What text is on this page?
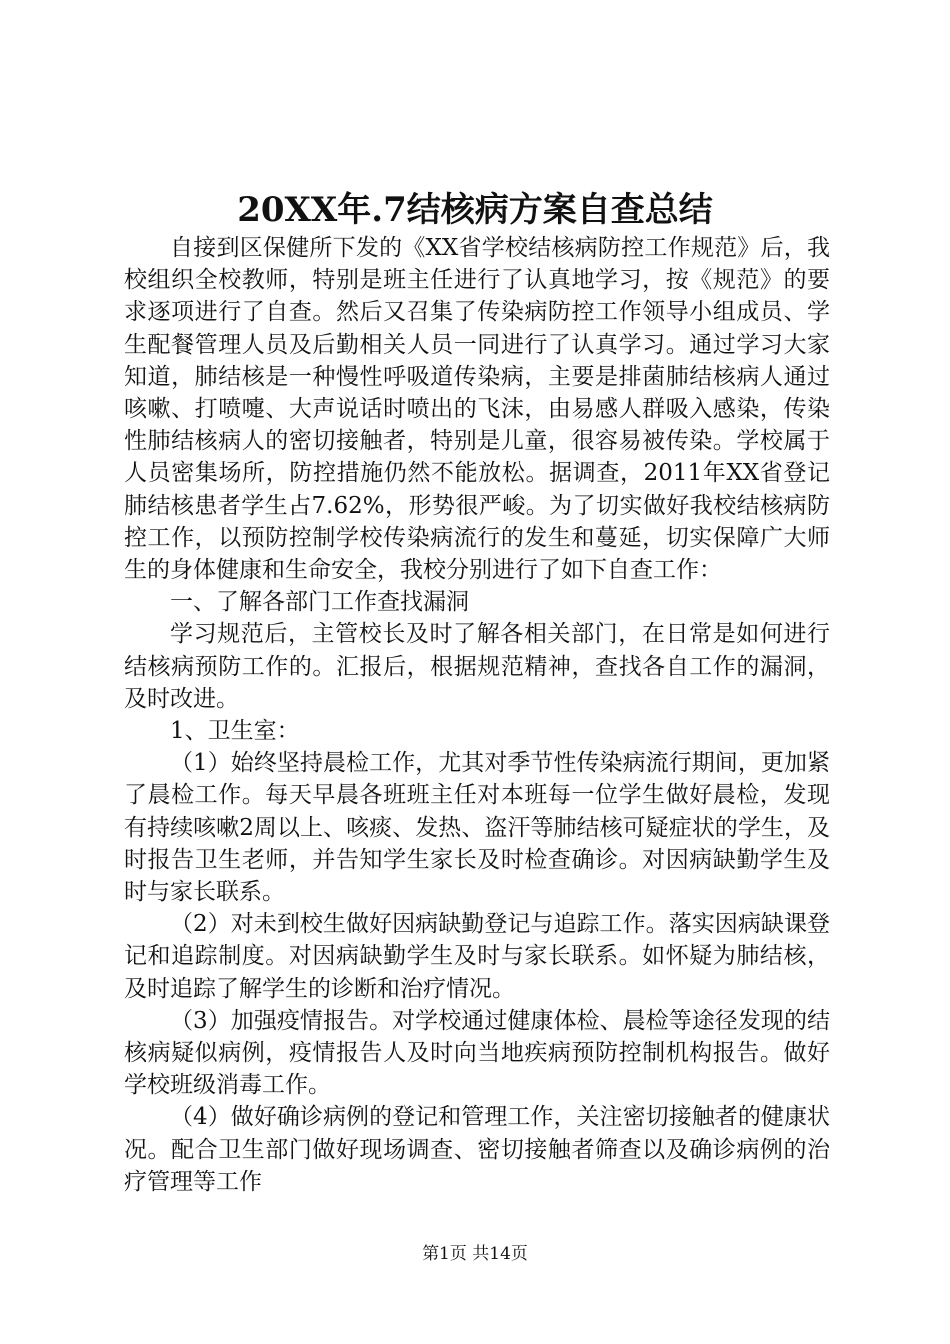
20XX年.7结核病方案自查总结

自接到区保健所下发的《XX省学校结核病防控工作规范》后，我校组织全校教师，特别是班主任进行了认真地学习，按《规范》的要求逐项进行了自查。然后又召集了传染病防控工作领导小组成员、学生配餐管理人员及后勤相关人员一同进行了认真学习。通过学习大家知道，肺结核是一种慢性呼吸道传染病，主要是排菌肺结核病人通过咳嗽、打喷嚏、大声说话时喷出的飞沫，由易感人群吸入感染，传染性肺结核病人的密切接触者，特别是儿童，很容易被传染。学校属于人员密集场所，防控措施仍然不能放松。据调查，2011年XX省登记肺结核患者学生占7.62%，形势很严峻。为了切实做好我校结核病防控工作，以预防控制学校传染病流行的发生和蔓延，切实保障广大师生的身体健康和生命安全，我校分别进行了如下自查工作：

一、了解各部门工作查找漏洞

学习规范后，主管校长及时了解各相关部门，在日常是如何进行结核病预防工作的。汇报后，根据规范精神，查找各自工作的漏洞，及时改进。

1、卫生室：

（1）始终坚持晨检工作，尤其对季节性传染病流行期间，更加紧了晨检工作。每天早晨各班班主任对本班每一位学生做好晨检，发现有持续咳嗽2周以上、咳痰、发热、盗汗等肺结核可疑症状的学生，及时报告卫生老师，并告知学生家长及时检查确诊。对因病缺勤学生及时与家长联系。

（2）对未到校生做好因病缺勤登记与追踪工作。落实因病缺课登记和追踪制度。对因病缺勤学生及时与家长联系。如怀疑为肺结核，及时追踪了解学生的诊断和治疗情况。

（3）加强疫情报告。对学校通过健康体检、晨检等途径发现的结核病疑似病例，疫情报告人及时向当地疾病预防控制机构报告。做好学校班级消毒工作。

（4）做好确诊病例的登记和管理工作，关注密切接触者的健康状况。配合卫生部门做好现场调查、密切接触者筛查以及确诊病例的治疗管理等工作

第1页 共14页
